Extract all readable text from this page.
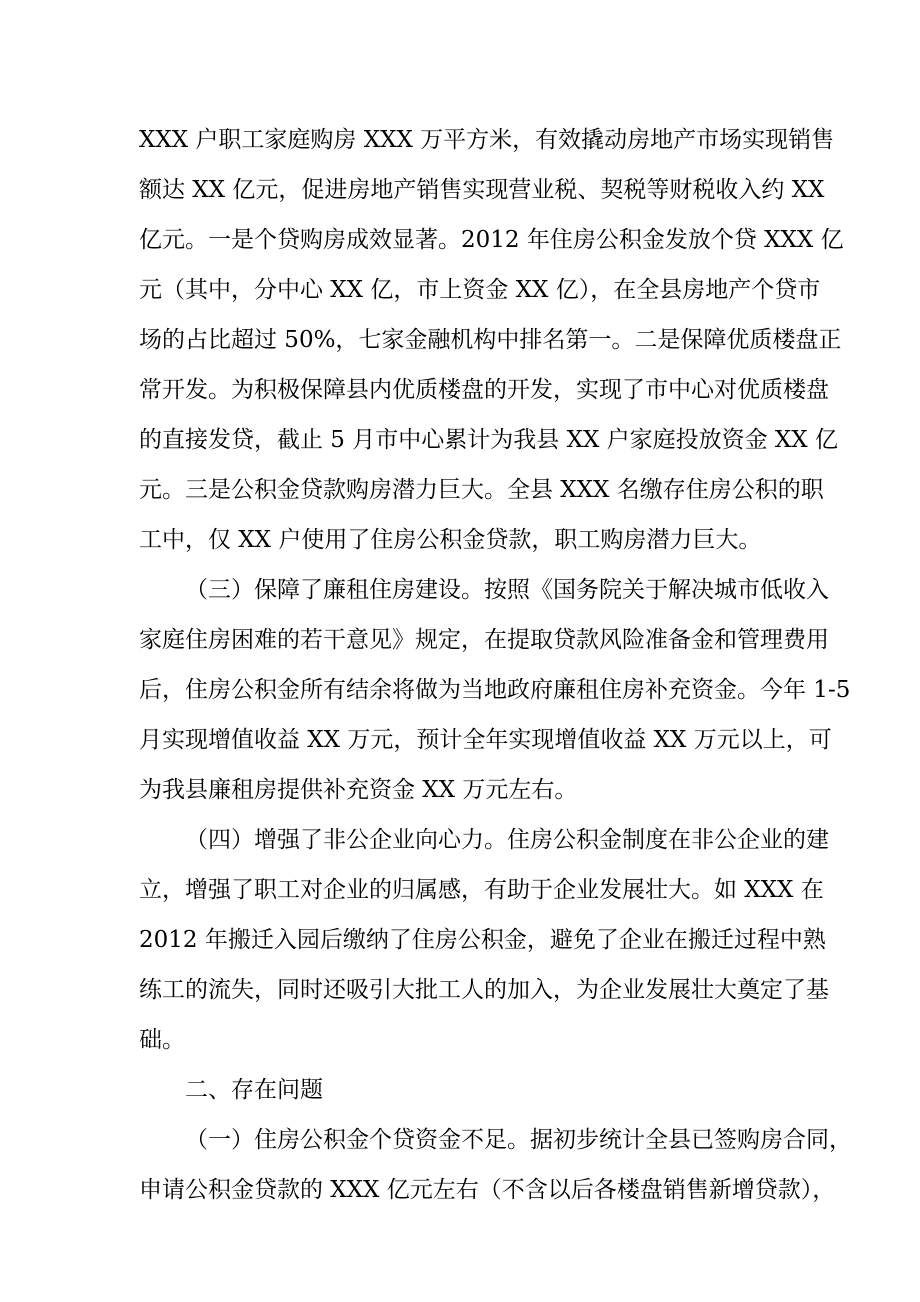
XXX 户职工家庭购房 XXX 万平方米，有效撬动房地产市场实现销售
额达 XX 亿元，促进房地产销售实现营业税、契税等财税收入约 XX
亿元。一是个贷购房成效显著。2012 年住房公积金发放个贷 XXX 亿
元（其中，分中心 XX 亿，市上资金 XX 亿），在全县房地产个贷市
场的占比超过 50%，七家金融机构中排名第一。二是保障优质楼盘正
常开发。为积极保障县内优质楼盘的开发，实现了市中心对优质楼盘
的直接发贷，截止 5 月市中心累计为我县 XX 户家庭投放资金 XX 亿
元。三是公积金贷款购房潜力巨大。全县 XXX 名缴存住房公积的职
工中，仅 XX 户使用了住房公积金贷款，职工购房潜力巨大。
（三）保障了廉租住房建设。按照《国务院关于解决城市低收入
家庭住房困难的若干意见》规定，在提取贷款风险准备金和管理费用
后，住房公积金所有结余将做为当地政府廉租住房补充资金。今年 1-5
月实现增值收益 XX 万元，预计全年实现增值收益 XX 万元以上，可
为我县廉租房提供补充资金 XX 万元左右。
（四）增强了非公企业向心力。住房公积金制度在非公企业的建
立，增强了职工对企业的归属感，有助于企业发展壮大。如 XXX 在
2012 年搬迁入园后缴纳了住房公积金，避免了企业在搬迁过程中熟
练工的流失，同时还吸引大批工人的加入，为企业发展壮大奠定了基
础。
二、存在问题
（一）住房公积金个贷资金不足。据初步统计全县已签购房合同，
申请公积金贷款的 XXX 亿元左右（不含以后各楼盘销售新增贷款），
